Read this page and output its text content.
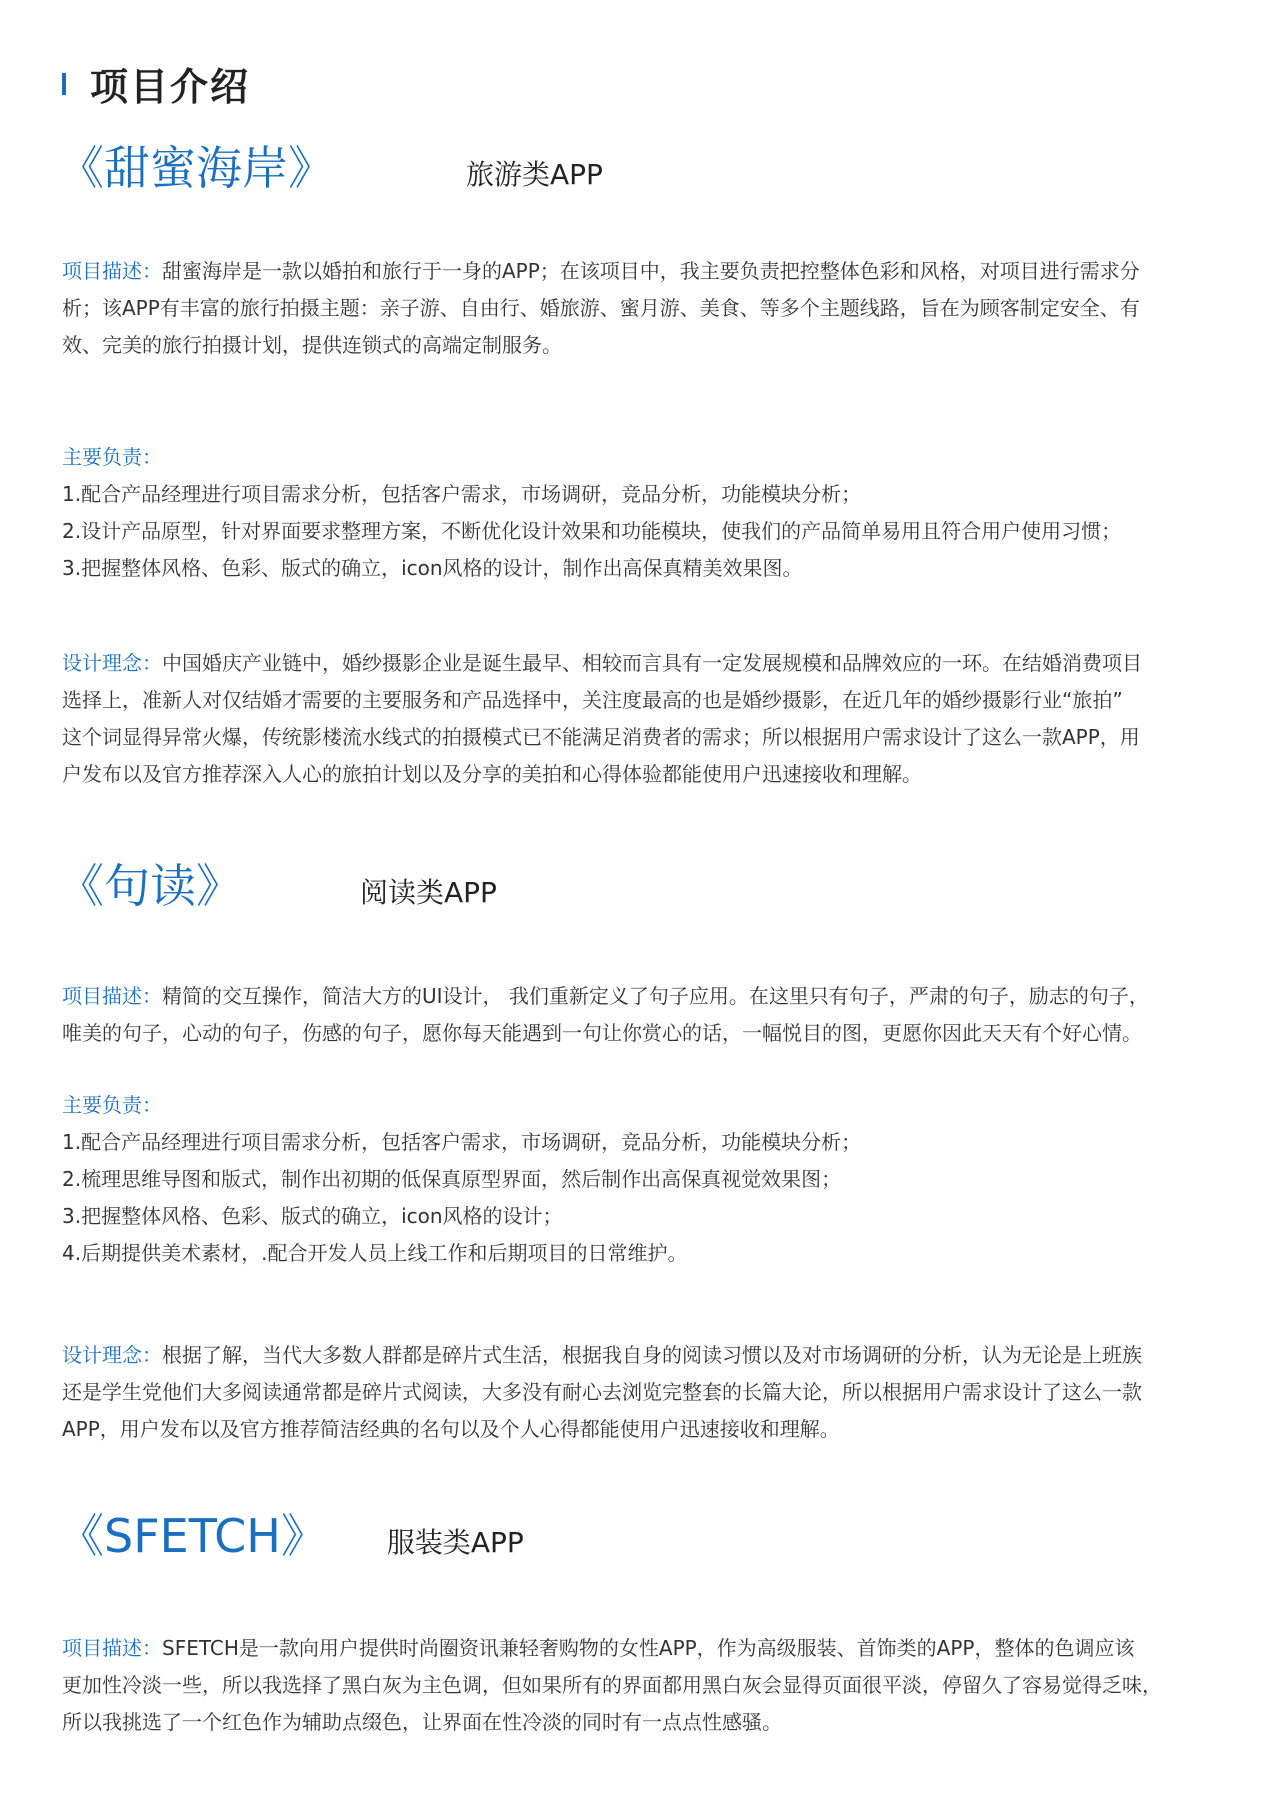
项目介绍
《甜蜜海岸》	旅游类APP
项目描述：甜蜜海岸是一款以婚拍和旅行于一身的APP；在该项目中，我主要负责把控整体色彩和风格，对项目进行需求分
析；该APP有丰富的旅行拍摄主题：亲子游、自由行、婚旅游、蜜月游、美食、等多个主题线路，旨在为顾客制定安全、有
效、完美的旅行拍摄计划，提供连锁式的高端定制服务。
主要负责：
1.配合产品经理进行项目需求分析，包括客户需求，市场调研，竞品分析，功能模块分析；
2.设计产品原型，针对界面要求整理方案，不断优化设计效果和功能模块，使我们的产品简单易用且符合用户使用习惯；
3.把握整体风格、色彩、版式的确立，icon风格的设计，制作出高保真精美效果图。
设计理念：中国婚庆产业链中，婚纱摄影企业是诞生最早、相较而言具有一定发展规模和品牌效应的一环。在结婚消费项目
选择上，准新人对仅结婚才需要的主要服务和产品选择中，关注度最高的也是婚纱摄影，在近几年的婚纱摄影行业“旅拍”
这个词显得异常火爆，传统影楼流水线式的拍摄模式已不能满足消费者的需求；所以根据用户需求设计了这么一款APP，用
户发布以及官方推荐深入人心的旅拍计划以及分享的美拍和心得体验都能使用户迅速接收和理解。
《句读》	阅读类APP
项目描述：精简的交互操作，简洁大方的UI设计， 我们重新定义了句子应用。在这里只有句子，严肃的句子，励志的句子，
唯美的句子，心动的句子，伤感的句子，愿你每天能遇到一句让你赏心的话，一幅悦目的图，更愿你因此天天有个好心情。
主要负责：
1.配合产品经理进行项目需求分析，包括客户需求，市场调研，竞品分析，功能模块分析；
2.梳理思维导图和版式，制作出初期的低保真原型界面，然后制作出高保真视觉效果图；
3.把握整体风格、色彩、版式的确立，icon风格的设计；
4.后期提供美术素材，.配合开发人员上线工作和后期项目的日常维护。
设计理念：根据了解，当代大多数人群都是碎片式生活，根据我自身的阅读习惯以及对市场调研的分析，认为无论是上班族
还是学生党他们大多阅读通常都是碎片式阅读，大多没有耐心去浏览完整套的长篇大论，所以根据用户需求设计了这么一款
APP，用户发布以及官方推荐简洁经典的名句以及个人心得都能使用户迅速接收和理解。
《SFETCH》 服装类APP
项目描述：SFETCH是一款向用户提供时尚圈资讯兼轻奢购物的女性APP，作为高级服装、首饰类的APP，整体的色调应该
更加性冷淡一些，所以我选择了黑白灰为主色调，但如果所有的界面都用黑白灰会显得页面很平淡，停留久了容易觉得乏味，
所以我挑选了一个红色作为辅助点缀色，让界面在性冷淡的同时有一点点性感骚。
